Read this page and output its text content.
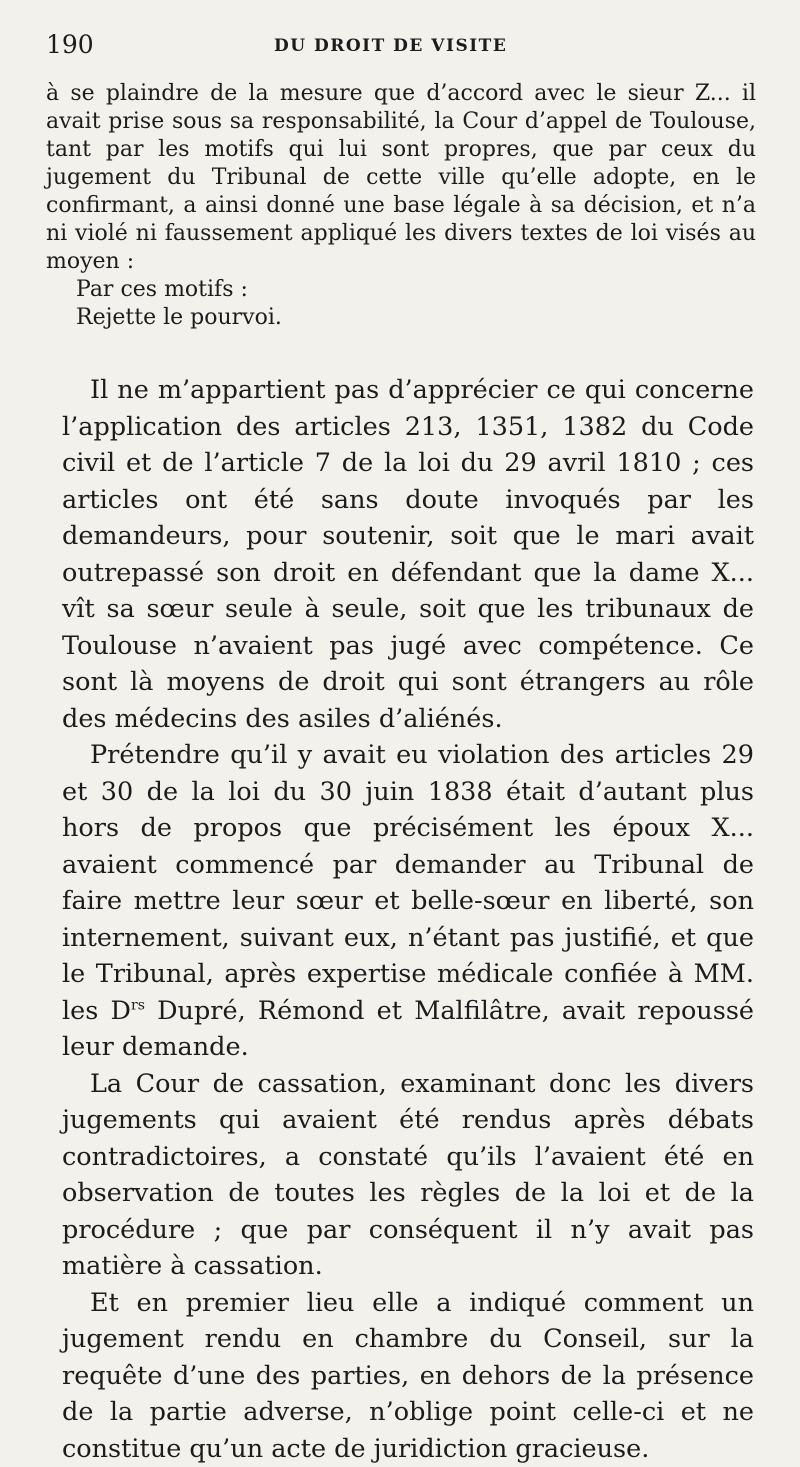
190	DU DROIT DE VISITE

à se plaindre de la mesure que d’accord avec le sieur Z... il avait prise sous sa responsabilité, la Cour d’appel de Toulouse, tant par les motifs qui lui sont propres, que par ceux du jugement du Tribunal de cette ville qu’elle adopte, en le confirmant, a ainsi donné une base légale à sa décision, et n’a ni violé ni faussement appliqué les divers textes de loi visés au moyen :

Par ces motifs :

Rejette le pourvoi.

Il ne m’appartient pas d’apprécier ce qui concerne l’application des articles 213, 1351, 1382 du Code civil et de l’article 7 de la loi du 29 avril 1810 ; ces articles ont été sans doute invoqués par les demandeurs, pour soutenir, soit que le mari avait outrepassé son droit en défendant que la dame X... vît sa sœur seule à seule, soit que les tribunaux de Toulouse n’avaient pas jugé avec compétence. Ce sont là moyens de droit qui sont étrangers au rôle des médecins des asiles d’aliénés.

Prétendre qu’il y avait eu violation des articles 29 et 30 de la loi du 30 juin 1838 était d’autant plus hors de propos que précisément les époux X... avaient commencé par demander au Tribunal de faire mettre leur sœur et belle-sœur en liberté, son internement, suivant eux, n’étant pas justifié, et que le Tribunal, après expertise médicale confiée à MM. les $D^{rs}$ Dupré, Rémond et Malfilâtre, avait repoussé leur demande.

La Cour de cassation, examinant donc les divers jugements qui avaient été rendus après débats contradictoires, a constaté qu’ils l’avaient été en observation de toutes les règles de la loi et de la procédure ; que par conséquent il n’y avait pas matière à cassation.

Et en premier lieu elle a indiqué comment un jugement rendu en chambre du Conseil, sur la requête d’une des parties, en dehors de la présence de la partie adverse, n’oblige point celle-ci et ne constitue qu’un acte de juridiction gracieuse.
